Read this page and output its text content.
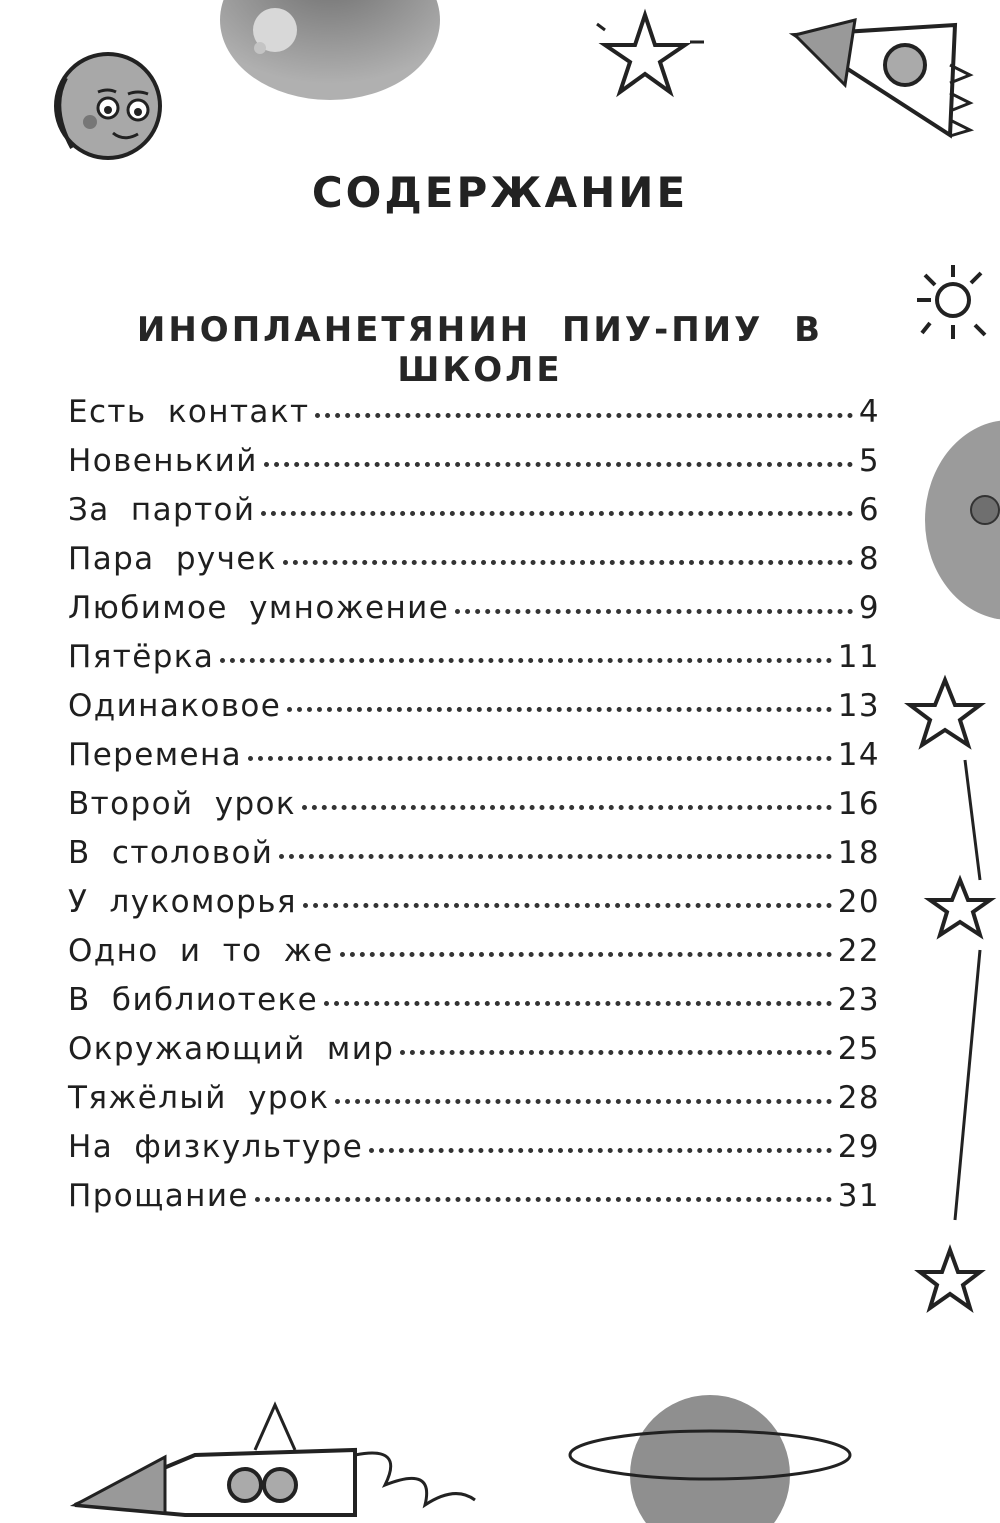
СОДЕРЖАНИЕ
ИНОПЛАНЕТЯНИН ПИУ-ПИУ В ШКОЛЕ
Есть контакт	4
Новенький	5
За партой	6
Пара ручек	8
Любимое умножение	9
Пятёрка	11
Одинаковое	13
Перемена	14
Второй урок	16
В столовой	18
У лукоморья	20
Одно и то же	22
В библиотеке	23
Окружающий мир	25
Тяжёлый урок	28
На физкультуре	29
Прощание	31
